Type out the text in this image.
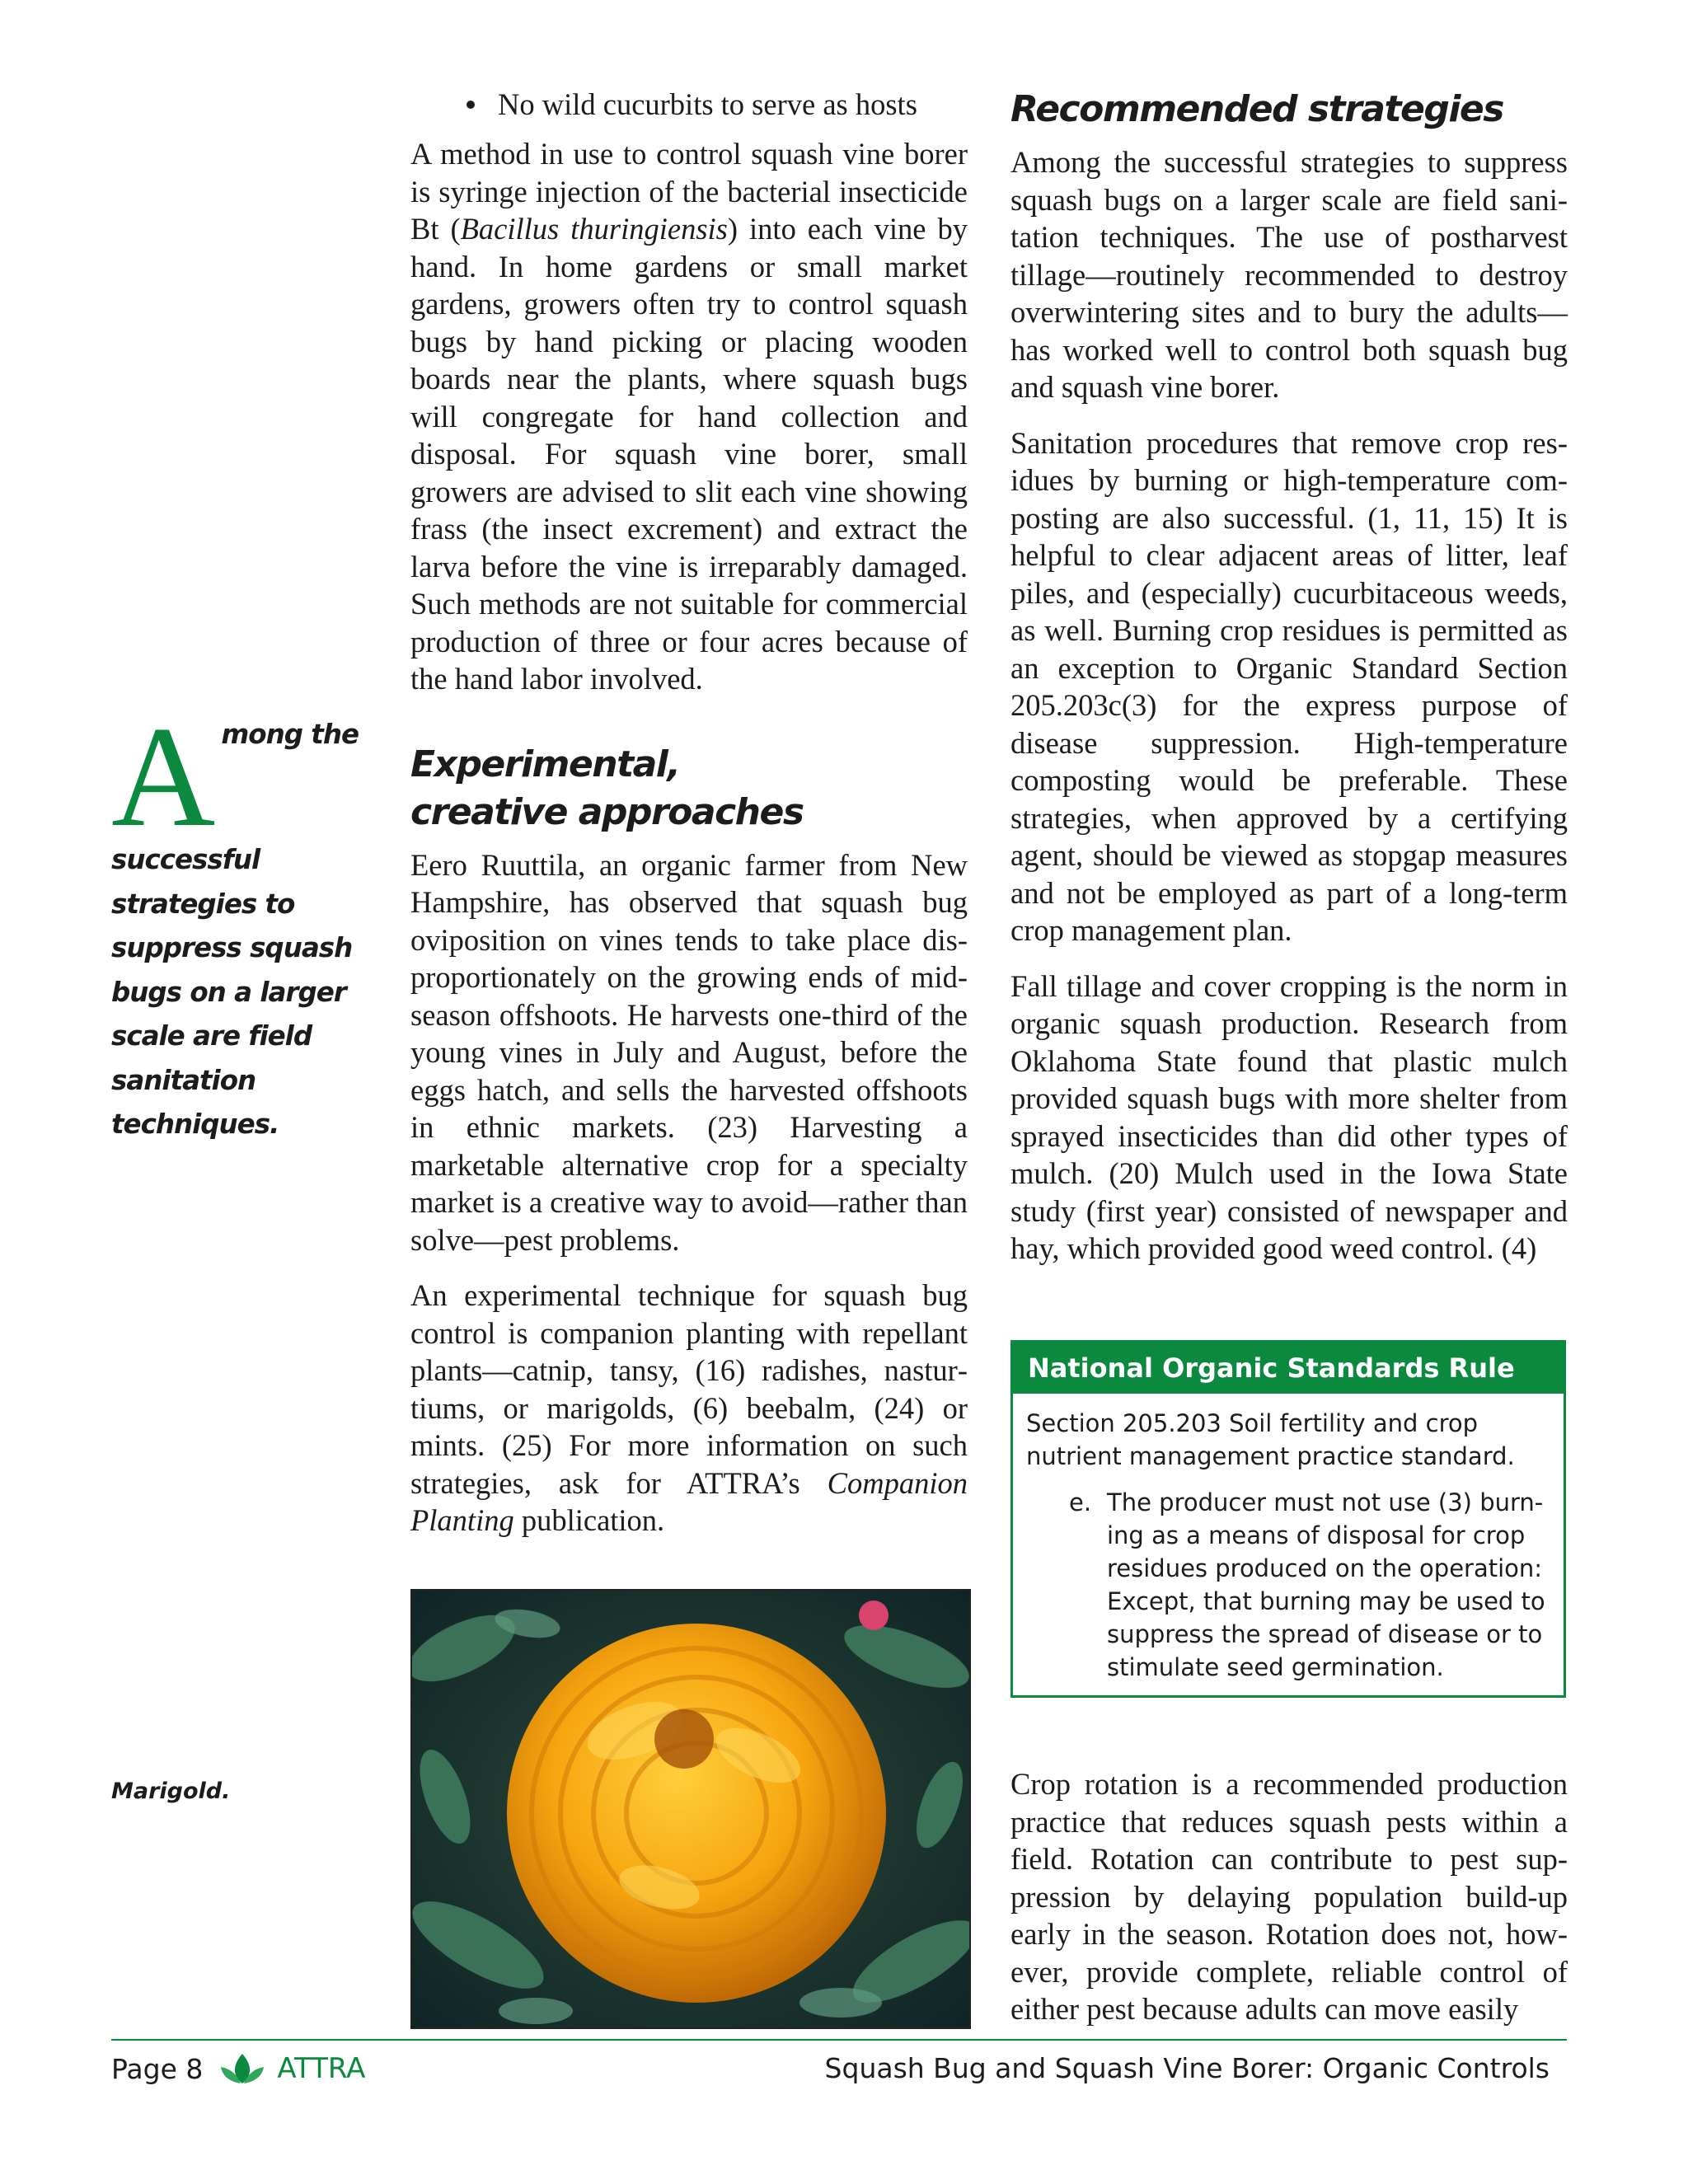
No wild cucurbits to serve as hosts

A method in use to control squash vine borer is syringe injection of the bacterial insecticide Bt (Bacillus thuringiensis) into each vine by hand. In home gardens or small market gardens, growers often try to control squash bugs by hand picking or placing wooden boards near the plants, where squash bugs will congregate for hand collection and disposal. For squash vine borer, small growers are advised to slit each vine showing frass (the insect excrement) and extract the larva before the vine is irreparably damaged. Such methods are not suitable for commercial production of three or four acres because of the hand labor involved.

Experimental, creative approaches

Eero Ruuttila, an organic farmer from New Hampshire, has observed that squash bug oviposition on vines tends to take place disproportionately on the growing ends of midseason offshoots. He harvests one-third of the young vines in July and August, before the eggs hatch, and sells the harvested offshoots in ethnic markets. (23) Harvesting a marketable alternative crop for a specialty market is a creative way to avoid—rather than solve—pest problems.

An experimental technique for squash bug control is companion planting with repellant plants—catnip, tansy, (16) radishes, nasturtiums, or marigolds, (6) beebalm, (24) or mints. (25) For more information on such strategies, ask for ATTRA’s Companion Planting publication.

Recommended strategies

Among the successful strategies to suppress squash bugs on a larger scale are field sanitation techniques. The use of postharvest tillage—routinely recommended to destroy overwintering sites and to bury the adults—has worked well to control both squash bug and squash vine borer.

Sanitation procedures that remove crop residues by burning or high-temperature composting are also successful. (1, 11, 15) It is helpful to clear adjacent areas of litter, leaf piles, and (especially) cucurbitaceous weeds, as well. Burning crop residues is permitted as an exception to Organic Standard Section 205.203c(3) for the express purpose of disease suppression. High-temperature composting would be preferable. These strategies, when approved by a certifying agent, should be viewed as stopgap measures and not be employed as part of a long-term crop management plan.

Fall tillage and cover cropping is the norm in organic squash production. Research from Oklahoma State found that plastic mulch provided squash bugs with more shelter from sprayed insecticides than did other types of mulch. (20) Mulch used in the Iowa State study (first year) consisted of newspaper and hay, which provided good weed control. (4)

National Organic Standards Rule
Section 205.203 Soil fertility and crop nutrient management practice standard.
e. The producer must not use (3) burning as a means of disposal for crop residues produced on the operation: Except, that burning may be used to suppress the spread of disease or to stimulate seed germination.

Crop rotation is a recommended production practice that reduces squash pests within a field. Rotation can contribute to pest suppression by delaying population build-up early in the season. Rotation does not, however, provide complete, reliable control of either pest because adults can move easily

Among the successful strategies to suppress squash bugs on a larger scale are field sanitation techniques.
Marigold.
Page 8	ATTRA	Squash Bug and Squash Vine Borer: Organic Controls
